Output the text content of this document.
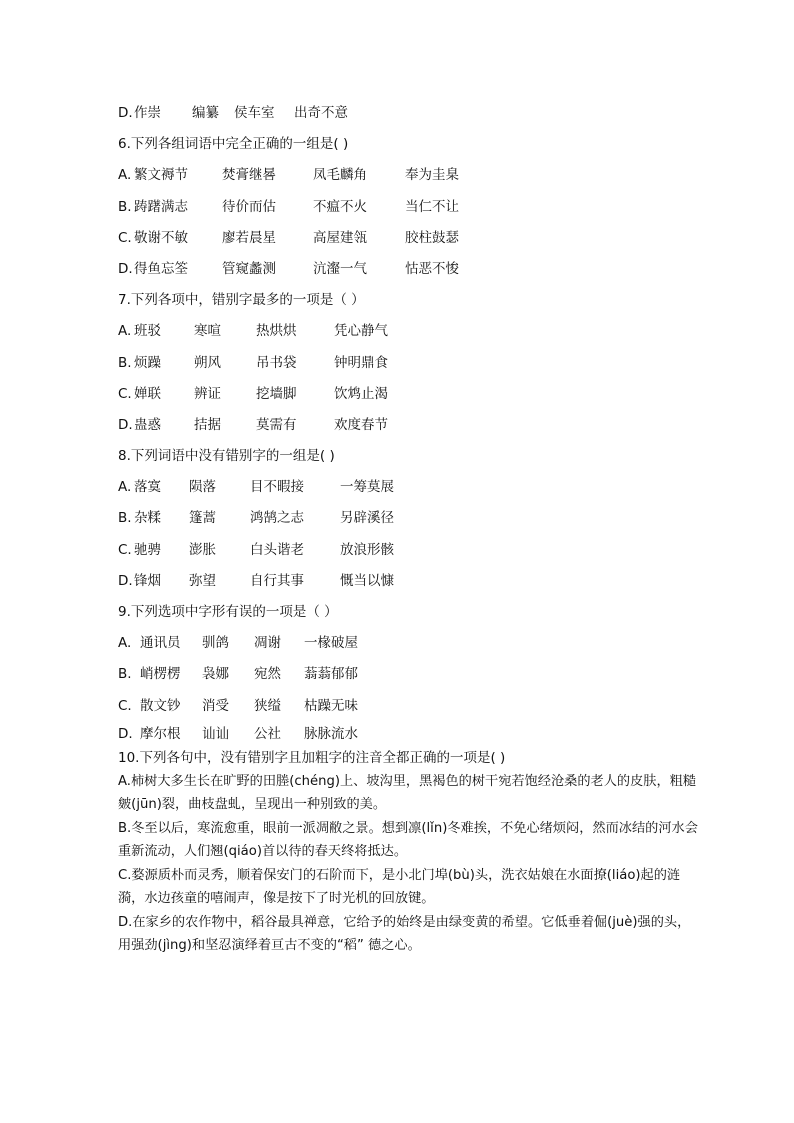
D.作崇 编纂 侯车室 出奇不意
6.下列各组词语中完全正确的一组是( )
A. 繁文褥节	焚膏继晷	凤毛麟角	奉为圭臬
B. 踌躇满志	待价而估	不瘟不火	当仁不让
C. 敬谢不敏	廖若晨星	高屋建瓴	胶柱鼓瑟
D.得鱼忘筌	管窥蠡测	沆瀣一气	怙恶不悛
7.下列各项中，错别字最多的一项是（ ）
A. 班驳 寒喧	热烘烘	凭心静气
B. 烦躁 朔风	吊书袋	钟明鼎食
C. 婵联 辨证	挖墙脚	饮鸩止渴
D.蛊惑 拮据	莫需有	欢度春节
8.下列词语中没有错别字的一组是( )
A. 落寞 陨落	目不暇接	一筹莫展
B. 杂糅 篷蒿	鸿鹄之志	另辟溪径
C. 驰骋 澎胀	白头谐老	放浪形骸
D.锋烟 弥望	自行其事	慨当以慷
9.下列选项中字形有误的一项是（ ）
A. 通讯员 驯鸽 凋谢 一椽破屋
B. 峭楞楞 袅娜 宛然 蓊蓊郁郁
C. 散文钞 消受 狭缢 枯躁无味
D. 摩尔根 讪讪 公社 脉脉流水
10.下列各句中，没有错别字且加粗字的注音全都正确的一项是( )
A.柿树大多生长在旷野的田塍(chéng)上、坡沟里，黑褐色的树干宛若饱经沧桑的老人的皮肤，粗糙皴(jūn)裂，曲枝盘虬，呈现出一种别致的美。
B.冬至以后，寒流愈重，眼前一派凋敝之景。想到凛(lǐn)冬难挨，不免心绪烦闷，然而冰结的河水会重新流动，人们翘(qiáo)首以待的春天终将抵达。
C.婺源质朴而灵秀，顺着保安门的石阶而下，是小北门埠(bù)头，洗衣姑娘在水面撩(liáo)起的涟漪，水边孩童的嘻闹声，像是按下了时光机的回放键。
D.在家乡的农作物中，稻谷最具禅意，它给予的始终是由绿变黄的希望。它低垂着倔(juè)强的头，用强劲(jìng)和坚忍演绎着亘古不变的“稻” 德之心。
